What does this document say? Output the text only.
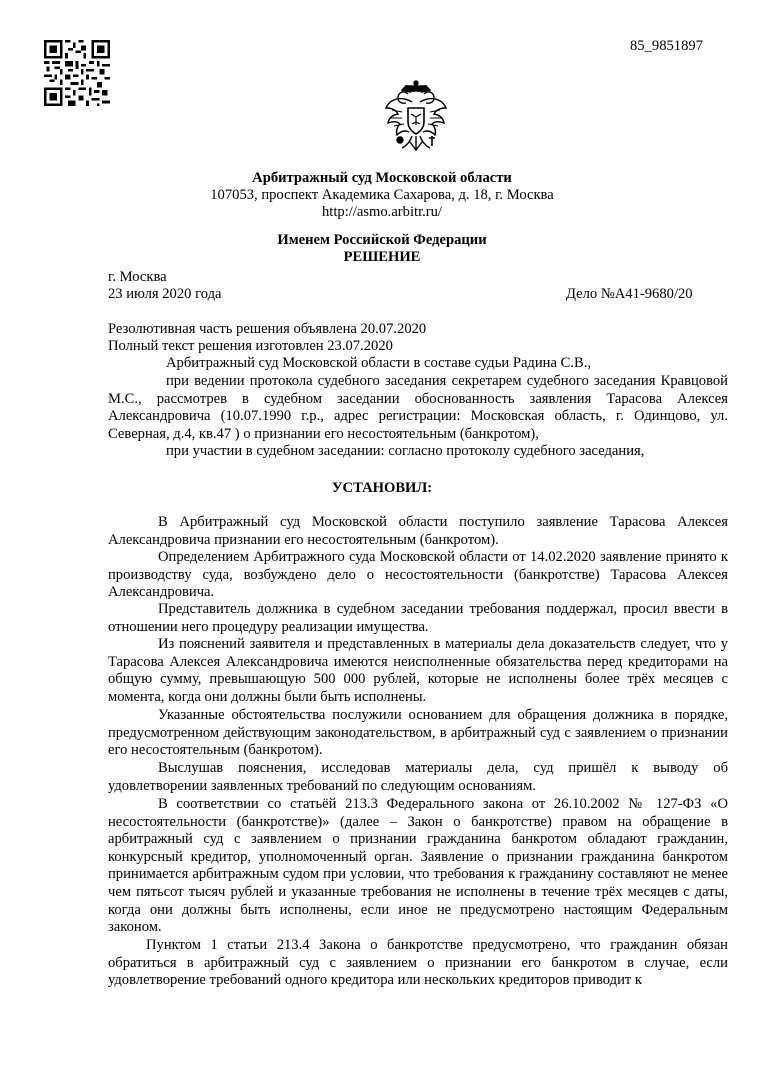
85_9851897
Арбитражный суд Московской области
107053, проспект Академика Сахарова, д. 18, г. Москва
http://asmo.arbitr.ru/
Именем Российской Федерации
РЕШЕНИЕ
г. Москва
23 июля 2020 года	Дело №А41-9680/20
Резолютивная часть решения объявлена 20.07.2020
Полный текст решения изготовлен 23.07.2020
Арбитражный суд Московской области в составе судьи Радина С.В.,
при ведении протокола судебного заседания секретарем судебного заседания Кравцовой М.С., рассмотрев в судебном заседании обоснованность заявления Тарасова Алексея Александровича (10.07.1990 г.р., адрес регистрации: Московская область, г. Одинцово, ул. Северная, д.4, кв.47 ) о признании его несостоятельным (банкротом),
при участии в судебном заседании: согласно протоколу судебного заседания,
УСТАНОВИЛ:
В Арбитражный суд Московской области поступило заявление Тарасова Алексея Александровича признании его несостоятельным (банкротом).
Определением Арбитражного суда Московской области от 14.02.2020 заявление принято к производству суда, возбуждено дело о несостоятельности (банкротстве) Тарасова Алексея Александровича.
Представитель должника в судебном заседании требования поддержал, просил ввести в отношении него процедуру реализации имущества.
Из пояснений заявителя и представленных в материалы дела доказательств следует, что у Тарасова Алексея Александровича имеются неисполненные обязательства перед кредиторами на общую сумму, превышающую 500 000 рублей, которые не исполнены более трёх месяцев с момента, когда они должны были быть исполнены.
Указанные обстоятельства послужили основанием для обращения должника в порядке, предусмотренном действующим законодательством, в арбитражный суд с заявлением о признании его несостоятельным (банкротом).
Выслушав пояснения, исследовав материалы дела, суд пришёл к выводу об удовлетворении заявленных требований по следующим основаниям.
В соответствии со статьёй 213.3 Федерального закона от 26.10.2002 № 127-ФЗ «О несостоятельности (банкротстве)» (далее – Закон о банкротстве) правом на обращение в арбитражный суд с заявлением о признании гражданина банкротом обладают гражданин, конкурсный кредитор, уполномоченный орган. Заявление о признании гражданина банкротом принимается арбитражным судом при условии, что требования к гражданину составляют не менее чем пятьсот тысяч рублей и указанные требования не исполнены в течение трёх месяцев с даты, когда они должны быть исполнены, если иное не предусмотрено настоящим Федеральным законом.
Пунктом 1 статьи 213.4 Закона о банкротстве предусмотрено, что гражданин обязан обратиться в арбитражный суд с заявлением о признании его банкротом в случае, если удовлетворение требований одного кредитора или нескольких кредиторов приводит к
